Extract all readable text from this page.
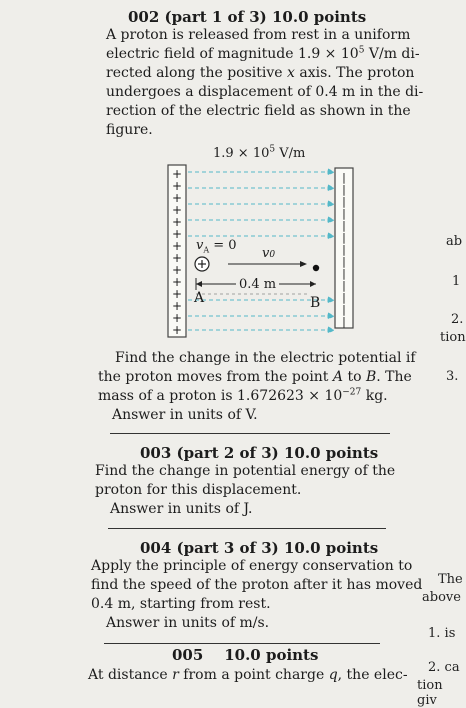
002 (part 1 of 3) 10.0 points
A proton is released from rest in a uniform
electric field of magnitude $1.9 \times 10^5$ V/m di-
rected along the positive x axis. The proton
undergoes a displacement of 0.4 m in the di-
rection of the electric field as shown in the
figure.
$1.9 \times 10^5$ V/m
+
+
+
+
+
+
+
+
+
+
+
+
+
+
|
|
|
|
|
|
|
|
|
|
|
|
|
$v_A = 0$
v0
0.4 m
A	B
Find the change in the electric potential if
the proton moves from the point A to B. The
mass of a proton is $1.672623 \times 10^{-27}$ kg.
Answer in units of V.
003 (part 2 of 3) 10.0 points
Find the change in potential energy of the
proton for this displacement.
Answer in units of J.
004 (part 3 of 3) 10.0 points
Apply the principle of energy conservation to
find the speed of the proton after it has moved
0.4 m, starting from rest.
Answer in units of m/s.
005    10.0 points
At distance r from a point charge q, the elec-
ab
1
2.
tion
3.
The
above
1. is
2. ca
tion giv
